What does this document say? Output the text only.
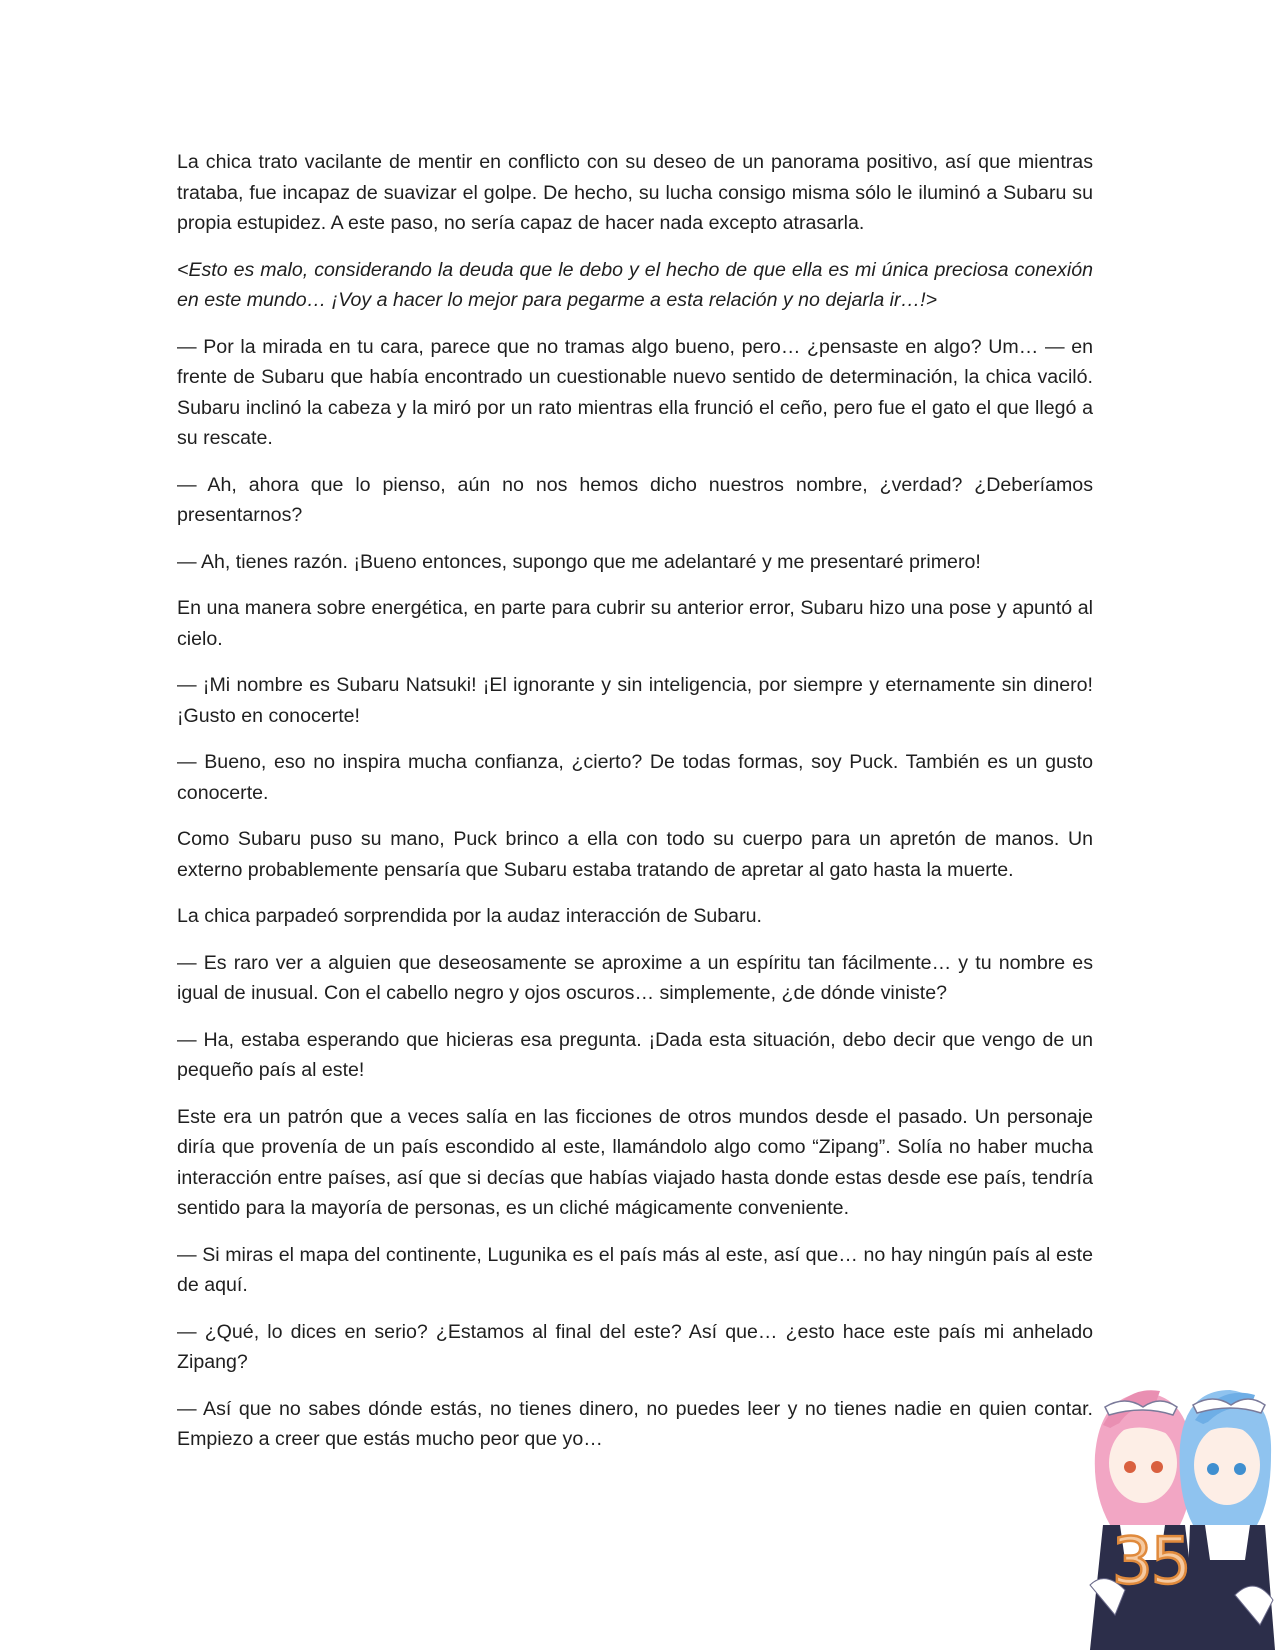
La chica trato vacilante de mentir en conflicto con su deseo de un panorama positivo, así que mientras trataba, fue incapaz de suavizar el golpe. De hecho, su lucha consigo misma sólo le iluminó a Subaru su propia estupidez. A este paso, no sería capaz de hacer nada excepto atrasarla.

<Esto es malo, considerando la deuda que le debo y el hecho de que ella es mi única preciosa conexión en este mundo… ¡Voy a hacer lo mejor para pegarme a esta relación y no dejarla ir…!>

— Por la mirada en tu cara, parece que no tramas algo bueno, pero… ¿pensaste en algo? Um… — en frente de Subaru que había encontrado un cuestionable nuevo sentido de determinación, la chica vaciló. Subaru inclinó la cabeza y la miró por un rato mientras ella frunció el ceño, pero fue el gato el que llegó a su rescate.

— Ah, ahora que lo pienso, aún no nos hemos dicho nuestros nombre, ¿verdad? ¿Deberíamos presentarnos?

— Ah, tienes razón. ¡Bueno entonces, supongo que me adelantaré y me presentaré primero!

En una manera sobre energética, en parte para cubrir su anterior error, Subaru hizo una pose y apuntó al cielo.

— ¡Mi nombre es Subaru Natsuki! ¡El ignorante y sin inteligencia, por siempre y eternamente sin dinero! ¡Gusto en conocerte!

— Bueno, eso no inspira mucha confianza, ¿cierto? De todas formas, soy Puck. También es un gusto conocerte.

Como Subaru puso su mano, Puck brinco a ella con todo su cuerpo para un apretón de manos. Un externo probablemente pensaría que Subaru estaba tratando de apretar al gato hasta la muerte.

La chica parpadeó sorprendida por la audaz interacción de Subaru.

— Es raro ver a alguien que deseosamente se aproxime a un espíritu tan fácilmente… y tu nombre es igual de inusual. Con el cabello negro y ojos oscuros… simplemente, ¿de dónde viniste?

— Ha, estaba esperando que hicieras esa pregunta. ¡Dada esta situación, debo decir que vengo de un pequeño país al este!

Este era un patrón que a veces salía en las ficciones de otros mundos desde el pasado. Un personaje diría que provenía de un país escondido al este, llamándolo algo como “Zipang”. Solía no haber mucha interacción entre países, así que si decías que habías viajado hasta donde estas desde ese país, tendría sentido para la mayoría de personas, es un cliché mágicamente conveniente.

— Si miras el mapa del continente, Lugunika es el país más al este, así que… no hay ningún país al este de aquí.

— ¿Qué, lo dices en serio? ¿Estamos al final del este? Así que… ¿esto hace este país mi anhelado Zipang?

— Así que no sabes dónde estás, no tienes dinero, no puedes leer y no tienes nadie en quien contar. Empiezo a creer que estás mucho peor que yo…

35
